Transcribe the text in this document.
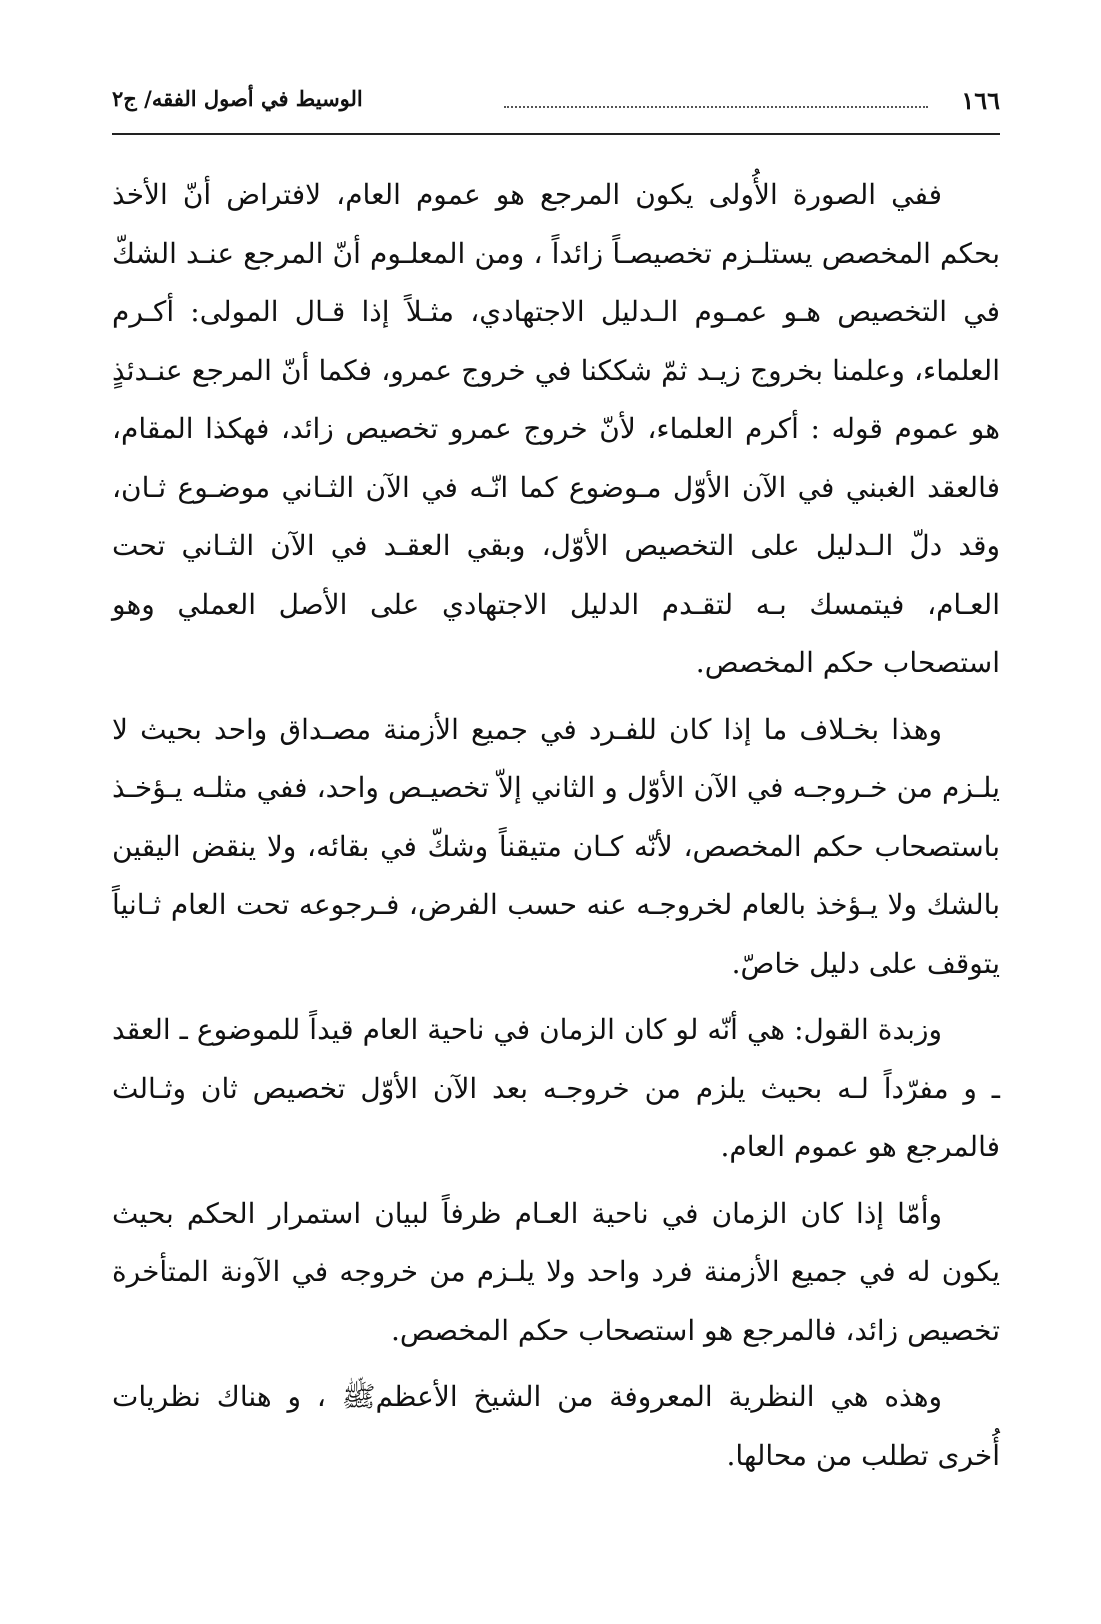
١٦٦
الوسيط في أصول الفقه/ ج٢

ففي الصورة الأُولى يكون المرجع هو عموم العام، لافتراض أنّ الأخذ بحكم المخصص يستلـزم تخصيصـاً زائداً ، ومن المعلـوم أنّ المرجع عنـد الشكّ في التخصيص هـو عمـوم الـدليل الاجتهادي، مثـلاً إذا قـال المولى: أكـرم العلماء، وعلمنا بخروج زيـد ثمّ شككنا في خروج عمرو، فكما أنّ المرجع عنـدئذٍ هو عموم قوله : أكرم العلماء، لأنّ خروج عمرو تخصيص زائد، فهكذا المقام، فالعقد الغبني في الآن الأوّل مـوضوع كما انّـه في الآن الثـاني موضـوع ثـان، وقد دلّ الـدليل على التخصيص الأوّل، وبقي العقـد في الآن الثـاني تحت العـام، فيتمسك بـه لتقـدم الدليل الاجتهادي على الأصل العملي وهو استصحاب حكم المخصص.

وهذا بخـلاف ما إذا كان للفـرد في جميع الأزمنة مصـداق واحد بحيث لا يلـزم من خـروجـه في الآن الأوّل و الثاني إلاّ تخصيـص واحد، ففي مثلـه يـؤخـذ باستصحاب حكم المخصص، لأنّه كـان متيقناً وشكّ في بقائه، ولا ينقض اليقين بالشك ولا يـؤخذ بالعام لخروجـه عنه حسب الفرض، فـرجوعه تحت العام ثـانياً يتوقف على دليل خاصّ.

وزبدة القول: هي أنّه لو كان الزمان في ناحية العام قيداً للموضوع ـ العقد ـ و مفرّداً لـه بحيث يلزم من خروجـه بعد الآن الأوّل تخصيص ثان وثـالث فالمرجع هو عموم العام.

وأمّا إذا كان الزمان في ناحية العـام ظرفاً لبيان استمرار الحكم بحيث يكون له في جميع الأزمنة فرد واحد ولا يلـزم من خروجه في الآونة المتأخرة تخصيص زائد، فالمرجع هو استصحاب حكم المخصص.

وهذه هي النظرية المعروفة من الشيخ الأعظمﷺ ، و هناك نظريات أُخرى تطلب من محالها.
